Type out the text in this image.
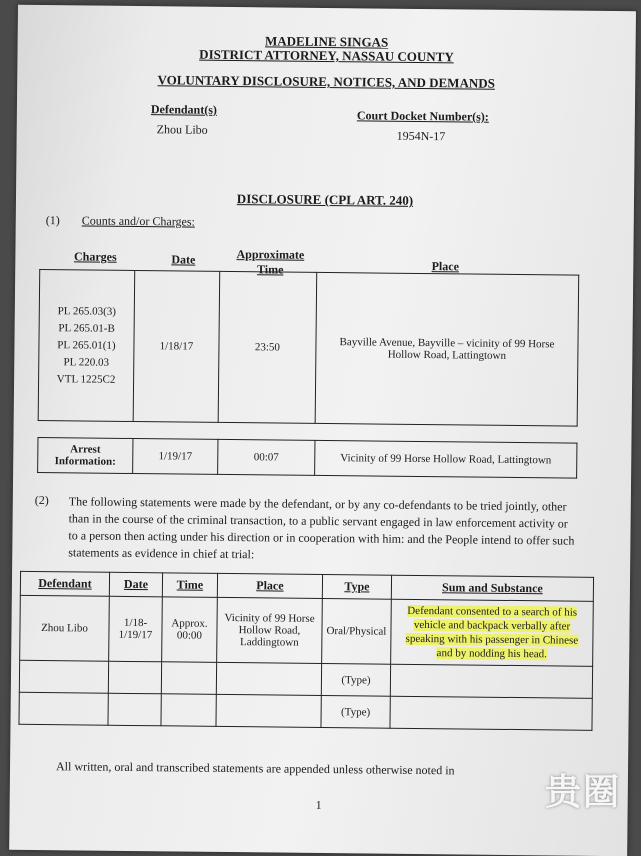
MADELINE SINGAS
DISTRICT ATTORNEY, NASSAU COUNTY
VOLUNTARY DISCLOSURE, NOTICES, AND DEMANDS
Defendant(s)
Zhou Libo
Court Docket Number(s):
1954N-17
DISCLOSURE (CPL ART. 240)
(1) Counts and/or Charges:
Charges	Date	Approximate Time	Place
PL 265.03(3)
PL 265.01-B
PL 265.01(1)
PL 220.03
VTL 1225C2
	1/18/17	23:50	Bayville Avenue, Bayville – vicinity of 99 Horse Hollow Road, Lattingtown
Arrest Information:	1/19/17	00:07	Vicinity of 99 Horse Hollow Road, Lattingtown
(2) The following statements were made by the defendant, or by any co-defendants to be tried jointly, other than in the course of the criminal transaction, to a public servant engaged in law enforcement activity or to a person then acting under his direction or in cooperation with him: and the People intend to offer such statements as evidence in chief at trial:
Defendant	Date	Time	Place	Type	Sum and Substance
Zhou Libo	1/18-1/19/17	Approx. 00:00	Vicinity of 99 Horse Hollow Road, Laddingtown	Oral/Physical	Defendant consented to a search of his vehicle and backpack verbally after speaking with his passenger in Chinese and by nodding his head.
				(Type)	
				(Type)	
All written, oral and transcribed statements are appended unless otherwise noted in
1	贵圈
